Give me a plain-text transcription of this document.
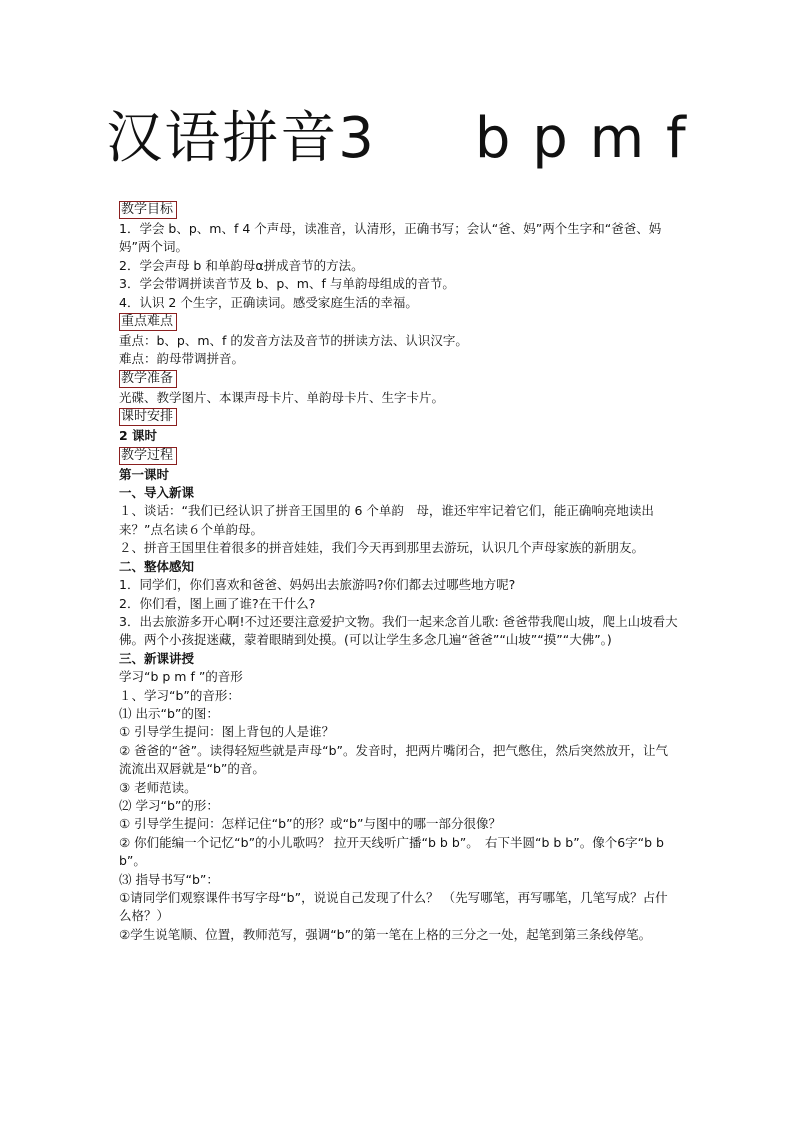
汉语拼音3     b p m f
教学目标

1．学会 b、p、m、f 4 个声母，读准音，认清形，正确书写；会认“爸、妈”两个生字和“爸爸、妈妈”两个词。

2．学会声母 b 和单韵母α拼成音节的方法。

3．学会带调拼读音节及 b、p、m、f 与单韵母组成的音节。

4．认识 2 个生字，正确读词。感受家庭生活的幸福。

重点难点

重点：b、p、m、f 的发音方法及音节的拼读方法、认识汉字。

难点：韵母带调拼音。

教学准备

光碟、教学图片、本课声母卡片、单韵母卡片、生字卡片。

课时安排

2 课时

教学过程

第一课时

一、导入新课

１、谈话：“我们已经认识了拼音王国里的 6 个单韵　母，谁还牢牢记着它们，能正确响亮地读出来？”点名读６个单韵母。

２、拼音王国里住着很多的拼音娃娃，我们今天再到那里去游玩，认识几个声母家族的新朋友。

二、整体感知

1．同学们，你们喜欢和爸爸、妈妈出去旅游吗?你们都去过哪些地方呢?

2．你们看，图上画了谁?在干什么?

3．出去旅游多开心啊!不过还要注意爱护文物。我们一起来念首儿歌: 爸爸带我爬山坡，爬上山坡看大佛。两个小孩捉迷藏，蒙着眼睛到处摸。(可以让学生多念几遍“爸爸”“山坡”“摸”“大佛”。)

三、新课讲授

学习“b p m f ”的音形

１、学习“b”的音形：

⑴ 出示“b”的图：

① 引导学生提问：图上背包的人是谁？

② 爸爸的“爸”。读得轻短些就是声母“b”。发音时，把两片嘴闭合，把气憋住，然后突然放开，让气流流出双唇就是“b”的音。

③ 老师范读。

⑵ 学习“b”的形：

① 引导学生提问：怎样记住“b”的形？或“b”与图中的哪一部分很像？

② 你们能编一个记忆“b”的小儿歌吗？ 拉开天线听广播“b b b”。　右下半圆“b b b”。像个6字“b b b”。

⑶ 指导书写“b”：

①请同学们观察课件书写字母“b”，说说自己发现了什么？ （先写哪笔，再写哪笔，几笔写成？占什么格？）

②学生说笔顺、位置，教师范写，强调“b”的第一笔在上格的三分之一处，起笔到第三条线停笔。
